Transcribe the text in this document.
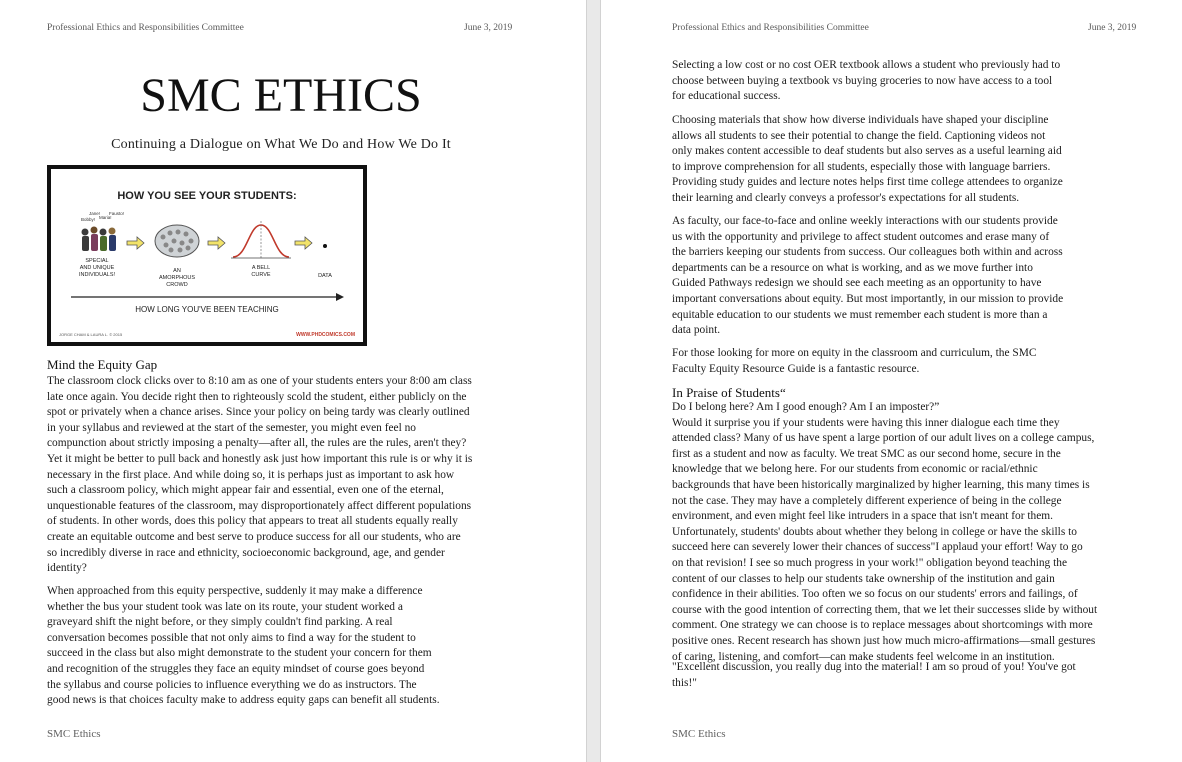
Professional Ethics and Responsibilities Committee	June 3, 2019
SMC ETHICS
Continuing a Dialogue on What We Do and How We Do It
HOW YOU SEE YOUR STUDENTS:
Bobby!
Jane!
Maria!
Fausto!
SPECIAL
AND UNIQUE
INDIVIDUALS!
AN
AMORPHOUS
CROWD
A BELL
CURVE	DATA
HOW LONG YOU'VE BEEN TEACHING
JORGE CHAM & LAURA L. © 2015	WWW.PHDCOMICS.COM
Mind the Equity Gap
The classroom clock clicks over to 8:10 am as one of your students enters your 8:00 am class
late once again. You decide right then to righteously scold the student, either publicly on the
spot or privately when a chance arises. Since your policy on being tardy was clearly outlined
in your syllabus and reviewed at the start of the semester, you might even feel no
compunction about strictly imposing a penalty—after all, the rules are the rules, aren't they?
Yet it might be better to pull back and honestly ask just how important this rule is or why it is
necessary in the first place. And while doing so, it is perhaps just as important to ask how
such a classroom policy, which might appear fair and essential, even one of the eternal,
unquestionable features of the classroom, may disproportionately affect different populations
of students. In other words, does this policy that appears to treat all students equally really
create an equitable outcome and best serve to produce success for all our students, who are
so incredibly diverse in race and ethnicity, socioeconomic background, age, and gender
identity?
When approached from this equity perspective, suddenly it may make a difference
whether the bus your student took was late on its route, your student worked a
graveyard shift the night before, or they simply couldn't find parking. A real
conversation becomes possible that not only aims to find a way for the student to
succeed in the class but also might demonstrate to the student your concern for them
and recognition of the struggles they face an equity mindset of course goes beyond
the syllabus and course policies to influence everything we do as instructors. The
good news is that choices faculty make to address equity gaps can benefit all students.
SMC Ethics
Professional Ethics and Responsibilities Committee	June 3, 2019
Selecting a low cost or no cost OER textbook allows a student who previously had to
choose between buying a textbook vs buying groceries to now have access to a tool
for educational success.
Choosing materials that show how diverse individuals have shaped your discipline
allows all students to see their potential to change the field. Captioning videos not
only makes content accessible to deaf students but also serves as a useful learning aid
to improve comprehension for all students, especially those with language barriers.
Providing study guides and lecture notes helps first time college attendees to organize
their learning and clearly conveys a professor's expectations for all students.
As faculty, our face-to-face and online weekly interactions with our students provide
us with the opportunity and privilege to affect student outcomes and erase many of
the barriers keeping our students from success. Our colleagues both within and across
departments can be a resource on what is working, and as we move further into
Guided Pathways redesign we should see each meeting as an opportunity to have
important conversations about equity. But most importantly, in our mission to provide
equitable education to our students we must remember each student is more than a
data point.
For those looking for more on equity in the classroom and curriculum, the SMC
Faculty Equity Resource Guide is a fantastic resource.
In Praise of Students“
Do I belong here? Am I good enough? Am I an imposter?”
Would it surprise you if your students were having this inner dialogue each time they
attended class? Many of us have spent a large portion of our adult lives on a college campus,
first as a student and now as faculty. We treat SMC as our second home, secure in the
knowledge that we belong here. For our students from economic or racial/ethnic
backgrounds that have been historically marginalized by higher learning, this many times is
not the case. They may have a completely different experience of being in the college
environment, and even might feel like intruders in a space that isn't meant for them.
Unfortunately, students' doubts about whether they belong in college or have the skills to
succeed here can severely lower their chances of success"I applaud your effort! Way to go
on that revision! I see so much progress in your work!" obligation beyond teaching the
content of our classes to help our students take ownership of the institution and gain
confidence in their abilities. Too often we so focus on our students' errors and failings, of
course with the good intention of correcting them, that we let their successes slide by without
comment. One strategy we can choose is to replace messages about shortcomings with more
positive ones. Recent research has shown just how much micro-affirmations—small gestures
of caring, listening, and comfort—can make students feel welcome in an institution.
"Excellent discussion, you really dug into the material! I am so proud of you! You've got
this!"
SMC Ethics
